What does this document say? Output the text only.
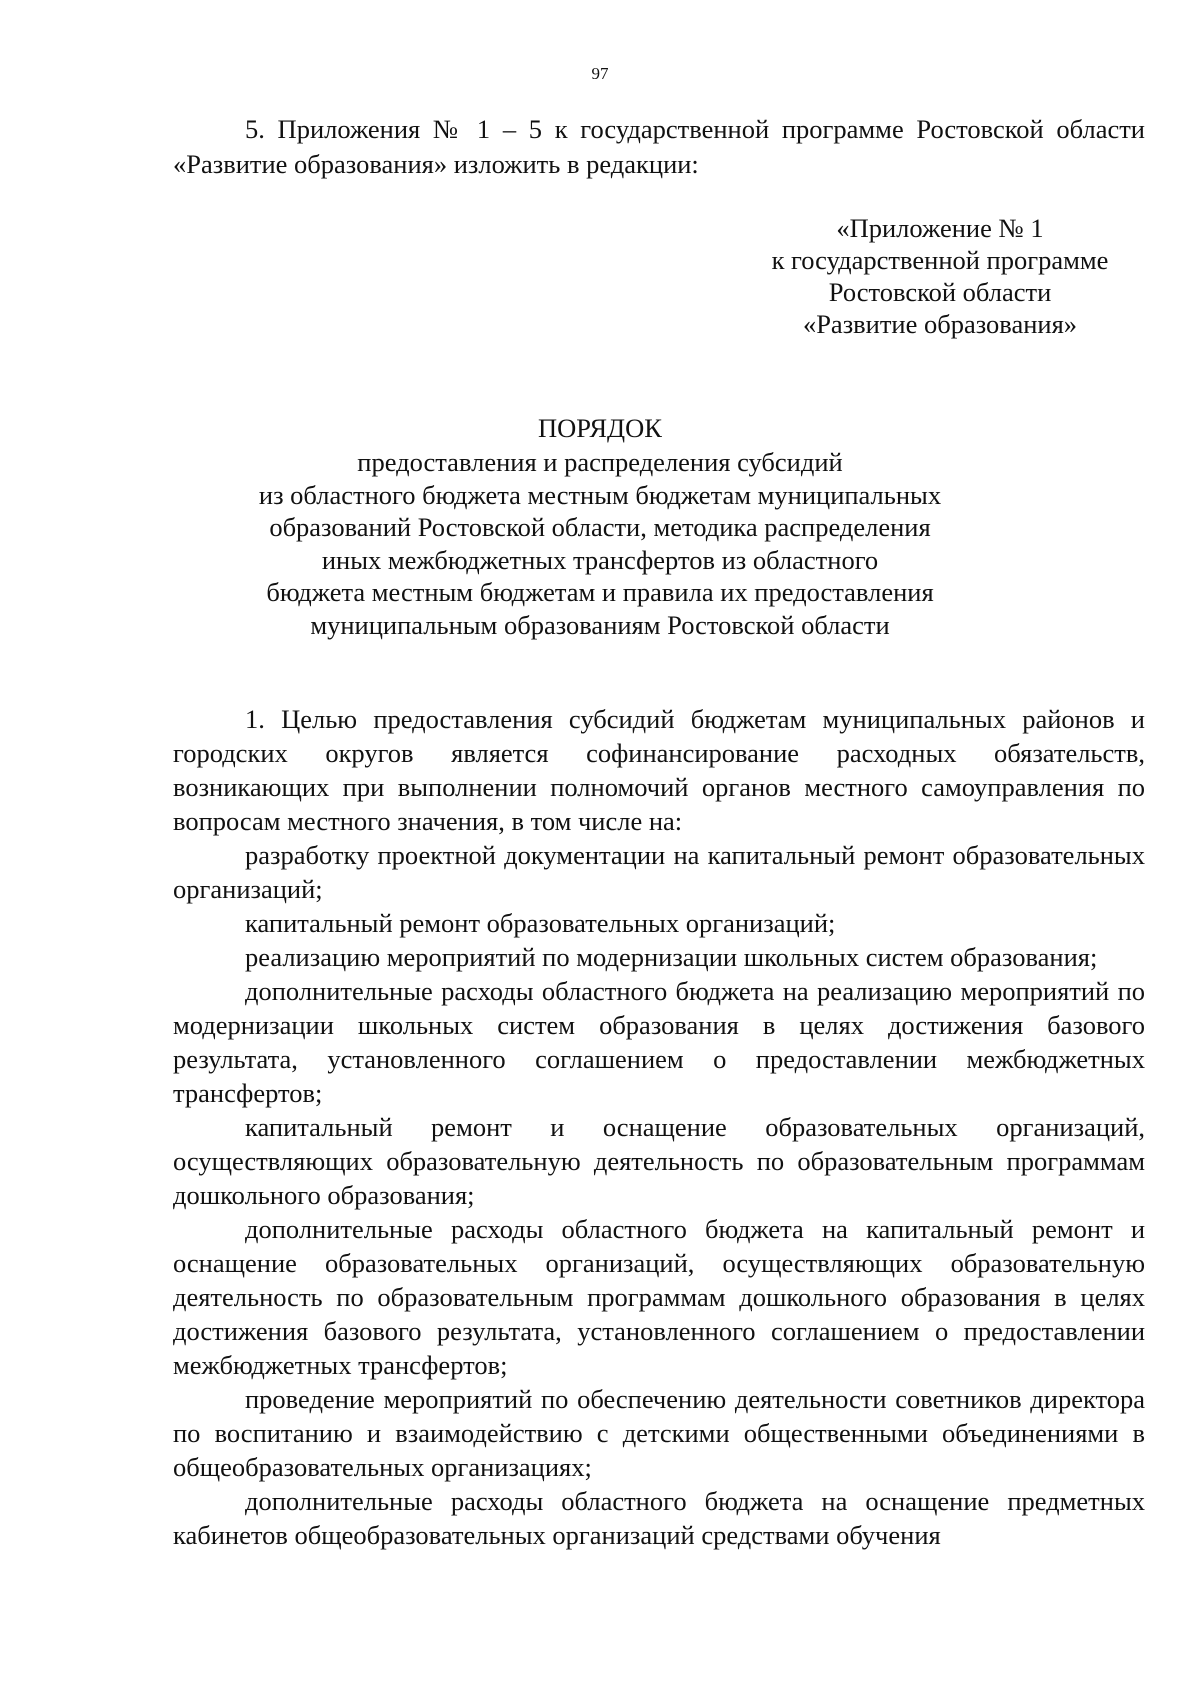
97

5. Приложения № 1 – 5 к государственной программе Ростовской области «Развитие образования» изложить в редакции:

«Приложение № 1
к государственной программе
Ростовской области
«Развитие образования»
ПОРЯДОК
предоставления и распределения субсидий
из областного бюджета местным бюджетам муниципальных
образований Ростовской области, методика распределения
иных межбюджетных трансфертов из областного
бюджета местным бюджетам и правила их предоставления
муниципальным образованиям Ростовской области

1. Целью предоставления субсидий бюджетам муниципальных районов и городских округов является софинансирование расходных обязательств, возникающих при выполнении полномочий органов местного самоуправления по вопросам местного значения, в том числе на:

разработку проектной документации на капитальный ремонт образовательных организаций;

капитальный ремонт образовательных организаций;

реализацию мероприятий по модернизации школьных систем образования;

дополнительные расходы областного бюджета на реализацию мероприятий по модернизации школьных систем образования в целях достижения базового результата, установленного соглашением о предоставлении межбюджетных трансфертов;

капитальный ремонт и оснащение образовательных организаций, осуществляющих образовательную деятельность по образовательным программам дошкольного образования;

дополнительные расходы областного бюджета на капитальный ремонт и оснащение образовательных организаций, осуществляющих образовательную деятельность по образовательным программам дошкольного образования в целях достижения базового результата, установленного соглашением о предоставлении межбюджетных трансфертов;

проведение мероприятий по обеспечению деятельности советников директора по воспитанию и взаимодействию с детскими общественными объединениями в общеобразовательных организациях;

дополнительные расходы областного бюджета на оснащение предметных кабинетов общеобразовательных организаций средствами обучения
